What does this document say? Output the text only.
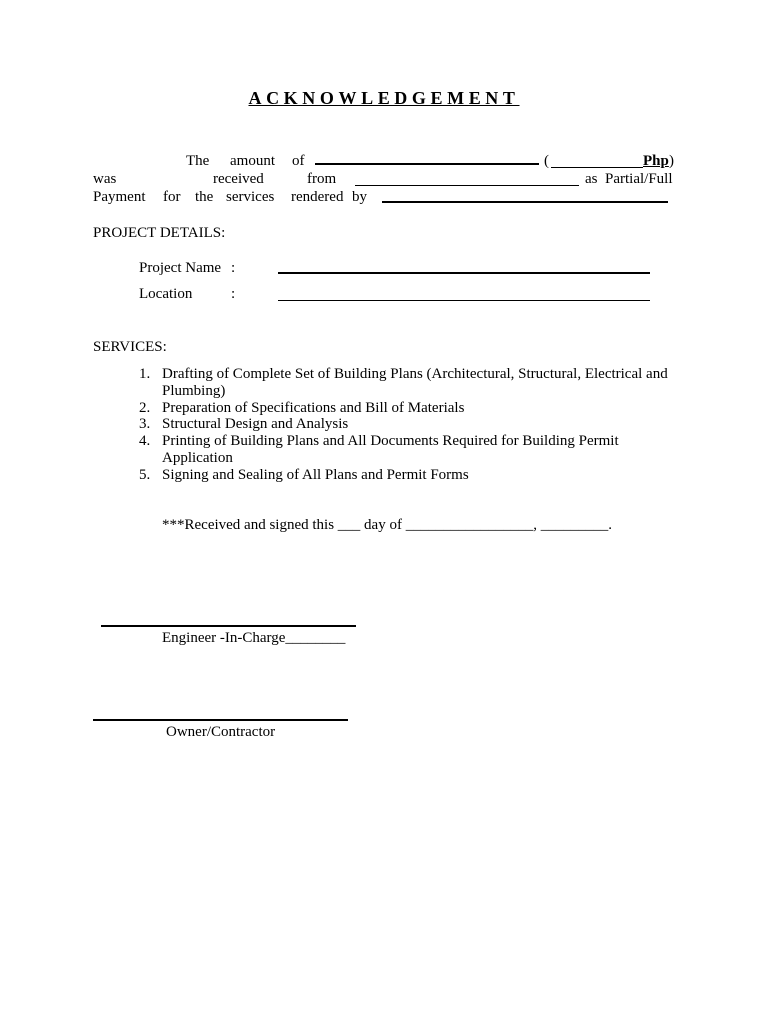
ACKNOWLEDGEMENT
The amount of	(	Php )
was	received	from	as Partial/Full
Payment for the services rendered by
PROJECT DETAILS:
Project Name :
Location	:
SERVICES:
1. Drafting of Complete Set of Building Plans (Architectural, Structural, Electrical and Plumbing)
2. Preparation of Specifications and Bill of Materials
3. Structural Design and Analysis
4. Printing of Building Plans and All Documents Required for Building Permit Application
5. Signing and Sealing of All Plans and Permit Forms
***Received and signed this ___ day of _________________, _________.
Engineer -In-Charge________
Owner/Contractor
